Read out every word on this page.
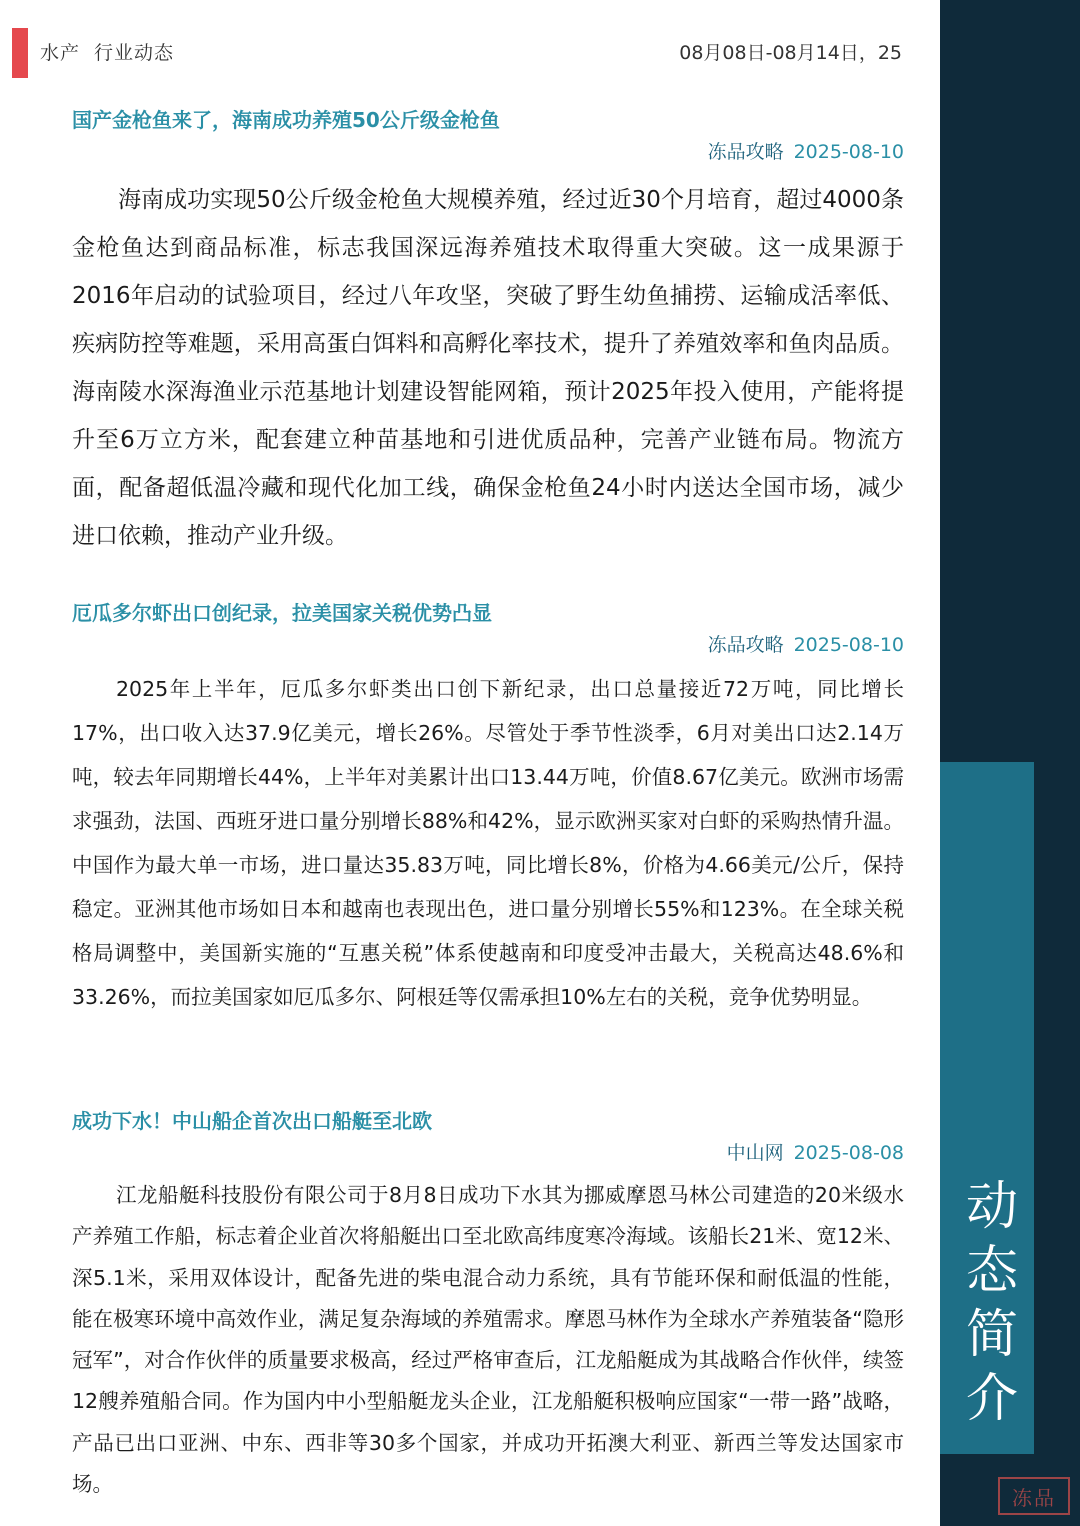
水产 行业动态	08月08日-08月14日，25
动
态
简
介
冻品
国产金枪鱼来了，海南成功养殖50公斤级金枪鱼
冻品攻略 2025-08-10

海南成功实现50公斤级金枪鱼大规模养殖，经过近30个月培育，超过4000条金枪鱼达到商品标准，标志我国深远海养殖技术取得重大突破。这一成果源于2016年启动的试验项目，经过八年攻坚，突破了野生幼鱼捕捞、运输成活率低、疾病防控等难题，采用高蛋白饵料和高孵化率技术，提升了养殖效率和鱼肉品质。海南陵水深海渔业示范基地计划建设智能网箱，预计2025年投入使用，产能将提升至6万立方米，配套建立种苗基地和引进优质品种，完善产业链布局。物流方面，配备超低温冷藏和现代化加工线，确保金枪鱼24小时内送达全国市场，减少进口依赖，推动产业升级。

厄瓜多尔虾出口创纪录，拉美国家关税优势凸显
冻品攻略 2025-08-10

2025年上半年，厄瓜多尔虾类出口创下新纪录，出口总量接近72万吨，同比增长17%，出口收入达37.9亿美元，增长26%。尽管处于季节性淡季，6月对美出口达2.14万吨，较去年同期增长44%，上半年对美累计出口13.44万吨，价值8.67亿美元。欧洲市场需求强劲，法国、西班牙进口量分别增长88%和42%，显示欧洲买家对白虾的采购热情升温。中国作为最大单一市场，进口量达35.83万吨，同比增长8%，价格为4.66美元/公斤，保持稳定。亚洲其他市场如日本和越南也表现出色，进口量分别增长55%和123%。在全球关税格局调整中，美国新实施的“互惠关税”体系使越南和印度受冲击最大，关税高达48.6%和33.26%，而拉美国家如厄瓜多尔、阿根廷等仅需承担10%左右的关税，竞争优势明显。

成功下水！中山船企首次出口船艇至北欧
中山网 2025-08-08

江龙船艇科技股份有限公司于8月8日成功下水其为挪威摩恩马林公司建造的20米级水产养殖工作船，标志着企业首次将船艇出口至北欧高纬度寒冷海域。该船长21米、宽12米、深5.1米，采用双体设计，配备先进的柴电混合动力系统，具有节能环保和耐低温的性能，能在极寒环境中高效作业，满足复杂海域的养殖需求。摩恩马林作为全球水产养殖装备“隐形冠军”，对合作伙伴的质量要求极高，经过严格审查后，江龙船艇成为其战略合作伙伴，续签12艘养殖船合同。作为国内中小型船艇龙头企业，江龙船艇积极响应国家“一带一路”战略，产品已出口亚洲、中东、西非等30多个国家，并成功开拓澳大利亚、新西兰等发达国家市场。
